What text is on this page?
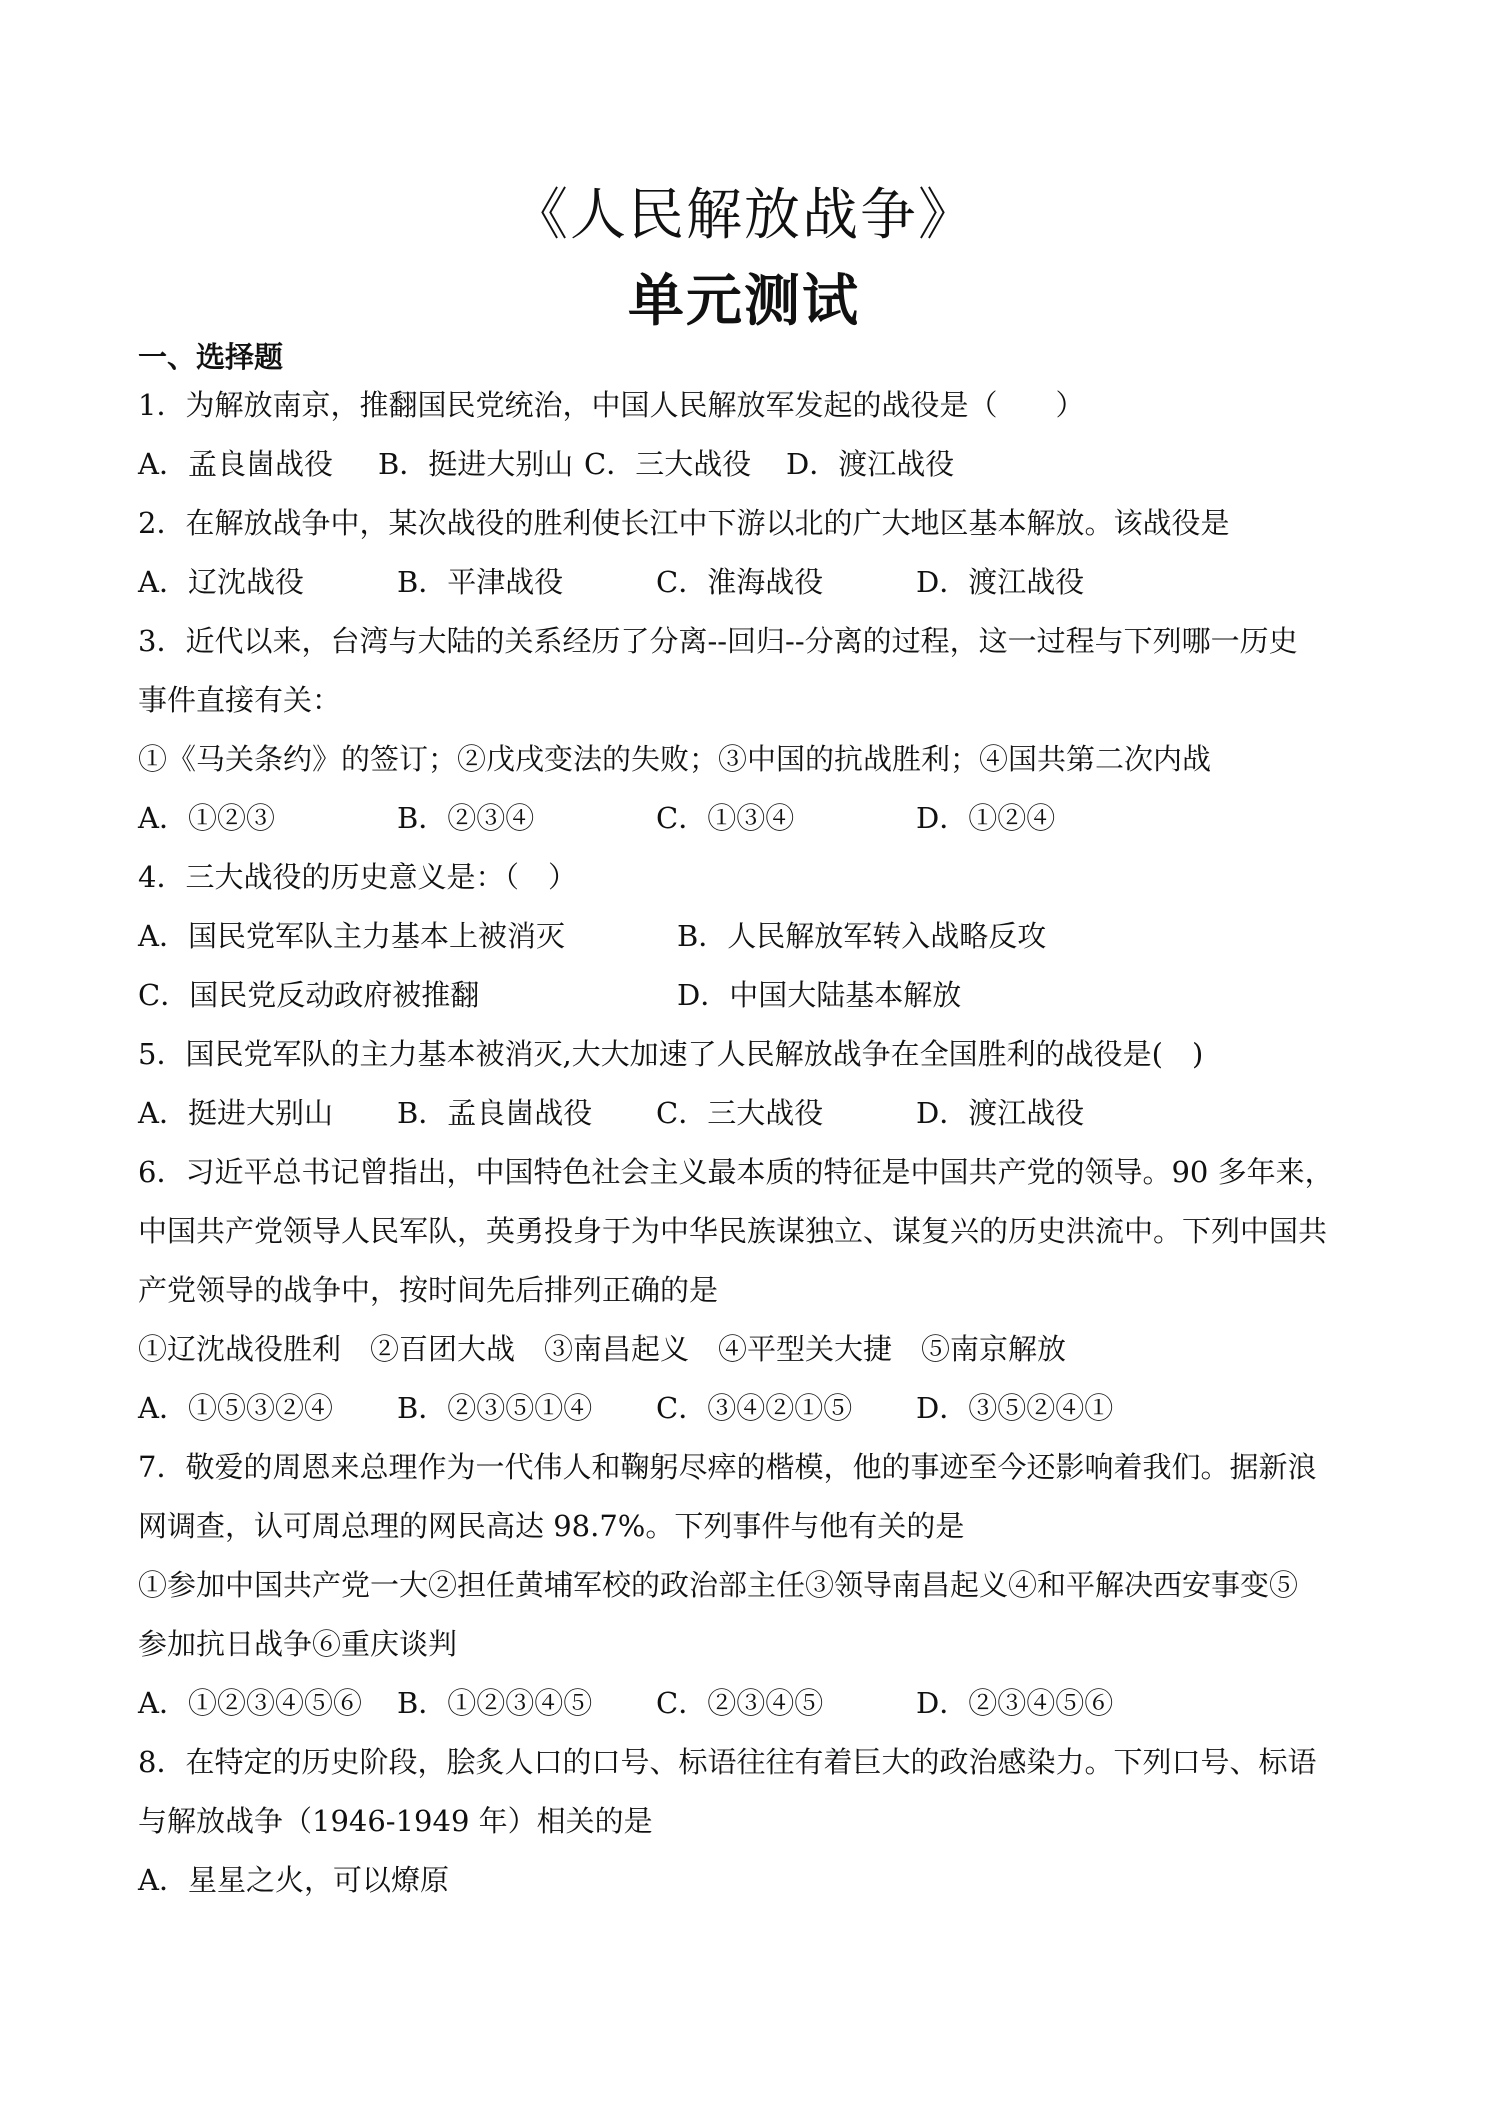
《人民解放战争》
单元测试
一、选择题
1．为解放南京，推翻国民党统治，中国人民解放军发起的战役是（　　）
A．孟良崮战役 B．挺进大别山 C．三大战役 D．渡江战役
2．在解放战争中，某次战役的胜利使长江中下游以北的广大地区基本解放。该战役是
A．辽沈战役	B．平津战役	C．淮海战役	D．渡江战役
3．近代以来，台湾与大陆的关系经历了分离--回归--分离的过程，这一过程与下列哪一历史
事件直接有关：
①《马关条约》的签订；②戊戌变法的失败；③中国的抗战胜利；④国共第二次内战
A．①②③	B．②③④	C．①③④	D．①②④
4．三大战役的历史意义是：（　）
A．国民党军队主力基本上被消灭	B．人民解放军转入战略反攻
C．国民党反动政府被推翻	D．中国大陆基本解放
5．国民党军队的主力基本被消灭,大大加速了人民解放战争在全国胜利的战役是(　)
A．挺进大别山 B．孟良崮战役 C．三大战役	D．渡江战役
6．习近平总书记曾指出，中国特色社会主义最本质的特征是中国共产党的领导。90 多年来，
中国共产党领导人民军队，英勇投身于为中华民族谋独立、谋复兴的历史洪流中。下列中国共
产党领导的战争中，按时间先后排列正确的是
①辽沈战役胜利　②百团大战　③南昌起义　④平型关大捷　⑤南京解放
A．①⑤③②④ B．②③⑤①④ C．③④②①⑤ D．③⑤②④①
7．敬爱的周恩来总理作为一代伟人和鞠躬尽瘁的楷模，他的事迹至今还影响着我们。据新浪
网调查，认可周总理的网民高达 98.7%。下列事件与他有关的是
①参加中国共产党一大②担任黄埔军校的政治部主任③领导南昌起义④和平解决西安事变⑤
参加抗日战争⑥重庆谈判
A．①②③④⑤⑥ B．①②③④⑤ C．②③④⑤	D．②③④⑤⑥
8．在特定的历史阶段，脍炙人口的口号、标语往往有着巨大的政治感染力。下列口号、标语
与解放战争（1946-1949 年）相关的是
A．星星之火，可以燎原
